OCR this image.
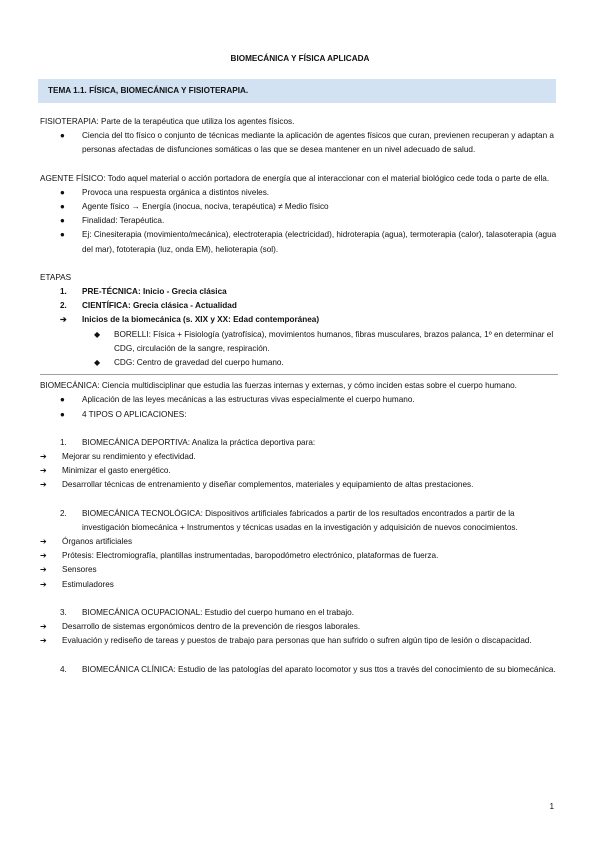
BIOMECÁNICA Y FÍSICA APLICADA
TEMA 1.1. FÍSICA, BIOMECÁNICA Y FISIOTERAPIA.

FISIOTERAPIA: Parte de la terapéutica que utiliza los agentes físicos.

●	Ciencia del tto físico o conjunto de técnicas mediante la aplicación de agentes físicos que curan, previenen recuperan y adaptan a personas afectadas de disfunciones somáticas o las que se desea mantener en un nivel adecuado de salud.

AGENTE FÍSICO: Todo aquel material o acción portadora de energía que al interaccionar con el material biológico cede toda o parte de ella.

●	Provoca una respuesta orgánica a distintos niveles.
●	Agente físico → Energía (inocua, nociva, terapéutica) ≠ Medio físico
●	Finalidad: Terapéutica.
●	Ej: Cinesiterapia (movimiento/mecánica), electroterapia (electricidad), hidroterapia (agua), termoterapia (calor), talasoterapia (agua del mar), fototerapia (luz, onda EM), helioterapia (sol).

ETAPAS

1.	PRE-TÉCNICA: Inicio - Grecia clásica
2.	CIENTÍFICA: Grecia clásica - Actualidad
➔	Inicios de la biomecánica (s. XIX y XX: Edad contemporánea)
◆ BORELLI: Física + Fisiología (yatrofísica), movimientos humanos, fibras musculares, brazos palanca, 1º en determinar el CDG, circulación de la sangre, respiración.
◆ CDG: Centro de gravedad del cuerpo humano.

BIOMECÁNICA: Ciencia multidisciplinar que estudia las fuerzas internas y externas, y cómo inciden estas sobre el cuerpo humano.

●	Aplicación de las leyes mecánicas a las estructuras vivas especialmente el cuerpo humano.
●	4 TIPOS O APLICACIONES:
1.	BIOMECÁNICA DEPORTIVA: Analiza la práctica deportiva para:
➔	Mejorar su rendimiento y efectividad.
➔	Minimizar el gasto energético.
➔	Desarrollar técnicas de entrenamiento y diseñar complementos, materiales y equipamiento de altas prestaciones.
2.	BIOMECÁNICA TECNOLÓGICA: Dispositivos artificiales fabricados a partir de los resultados encontrados a partir de la investigación biomecánica + Instrumentos y técnicas usadas en la investigación y adquisición de nuevos conocimientos.
➔	Órganos artificiales
➔	Prótesis: Electromiografía, plantillas instrumentadas, baropodómetro electrónico, plataformas de fuerza.
➔	Sensores
➔	Estimuladores
3.	BIOMECÁNICA OCUPACIONAL: Estudio del cuerpo humano en el trabajo.
➔	Desarrollo de sistemas ergonómicos dentro de la prevención de riesgos laborales.
➔	Evaluación y rediseño de tareas y puestos de trabajo para personas que han sufrido o sufren algún tipo de lesión o discapacidad.
4.	BIOMECÁNICA CLÍNICA: Estudio de las patologías del aparato locomotor y sus ttos a través del conocimiento de su biomecánica.
1
